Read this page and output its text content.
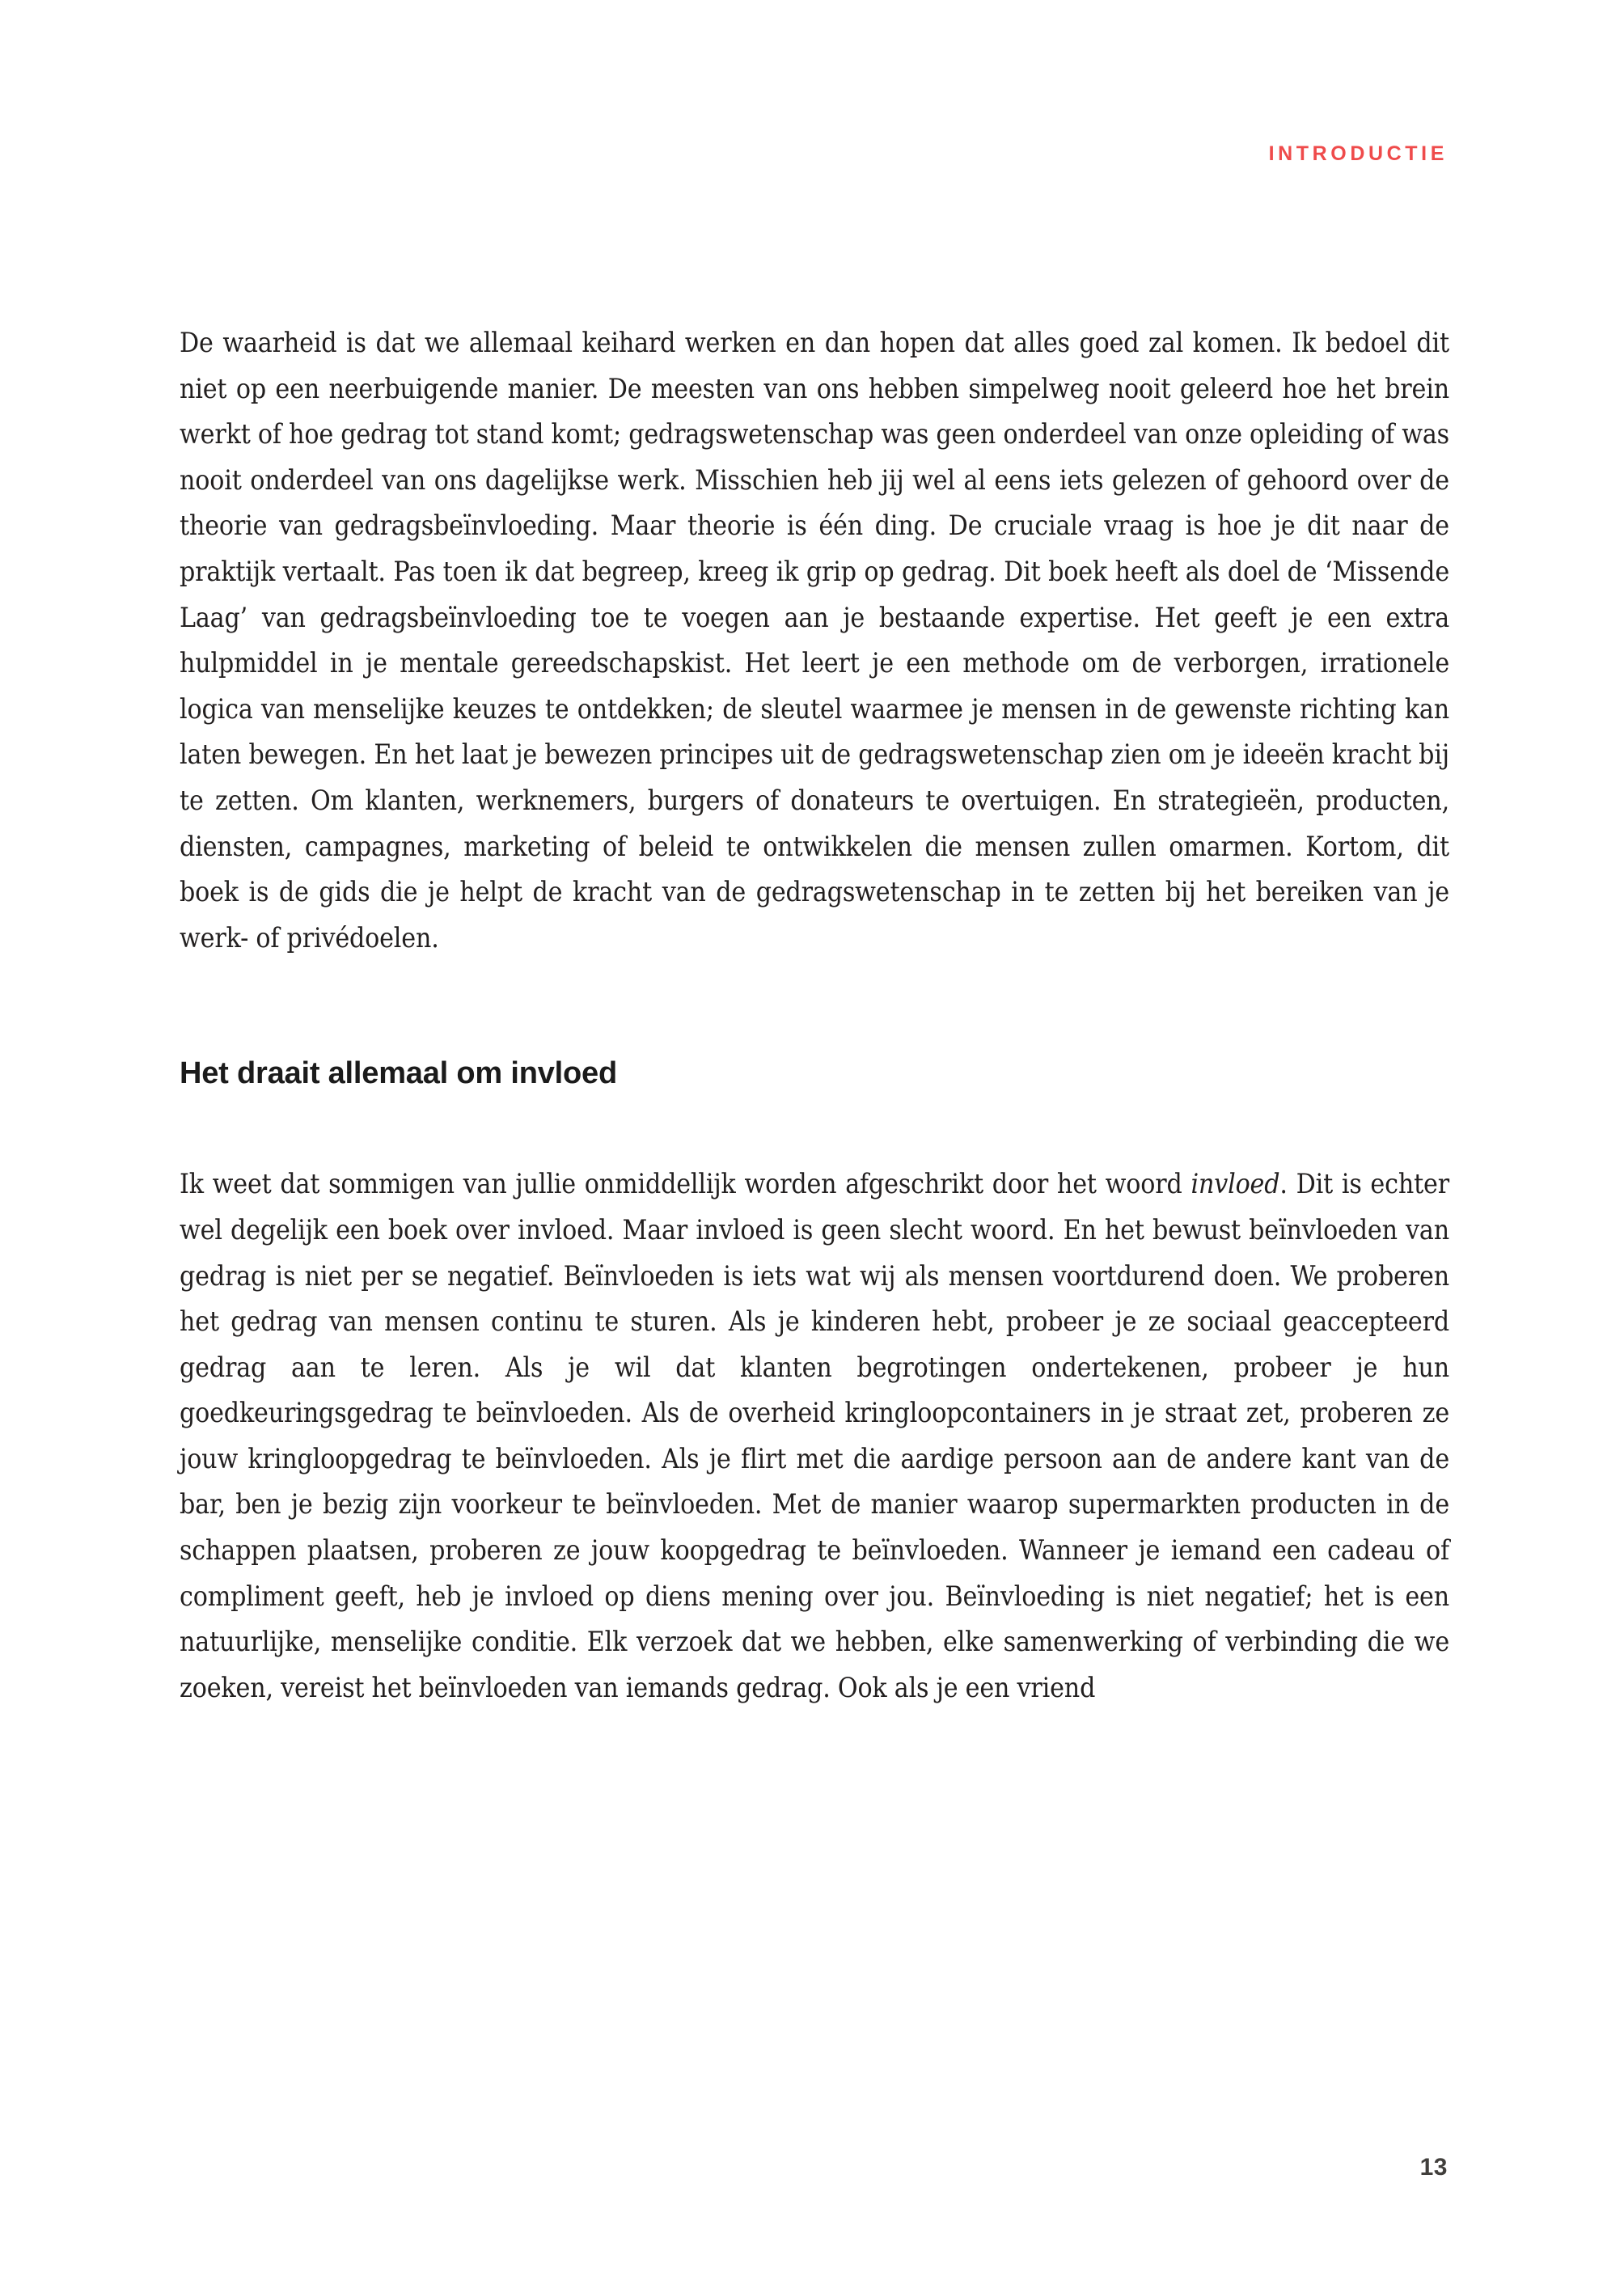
INTRODUCTIE

De waarheid is dat we allemaal keihard werken en dan hopen dat alles goed zal komen. Ik bedoel dit niet op een neerbuigende manier. De meesten van ons hebben simpelweg nooit geleerd hoe het brein werkt of hoe gedrag tot stand komt; gedragswetenschap was geen onderdeel van onze opleiding of was nooit onderdeel van ons dagelijkse werk. Misschien heb jij wel al eens iets gelezen of gehoord over de theorie van gedragsbeïnvloeding. Maar theorie is één ding. De cruciale vraag is hoe je dit naar de praktijk vertaalt. Pas toen ik dat begreep, kreeg ik grip op gedrag. Dit boek heeft als doel de ‘Missende Laag’ van gedragsbeïnvloeding toe te voegen aan je bestaande expertise. Het geeft je een extra hulpmiddel in je mentale gereedschapskist. Het leert je een methode om de verborgen, irrationele logica van menselijke keuzes te ontdekken; de sleutel waarmee je mensen in de gewenste richting kan laten bewegen. En het laat je bewezen principes uit de gedragswetenschap zien om je ideeën kracht bij te zetten. Om klanten, werknemers, burgers of donateurs te overtuigen. En strategieën, producten, diensten, campagnes, marketing of beleid te ontwikkelen die mensen zullen omarmen. Kortom, dit boek is de gids die je helpt de kracht van de gedragswetenschap in te zetten bij het bereiken van je werk- of privédoelen.

Het draait allemaal om invloed

Ik weet dat sommigen van jullie onmiddellijk worden afgeschrikt door het woord invloed. Dit is echter wel degelijk een boek over invloed. Maar invloed is geen slecht woord. En het bewust beïnvloeden van gedrag is niet per se negatief. Beïnvloeden is iets wat wij als mensen voortdurend doen. We proberen het gedrag van mensen continu te sturen. Als je kinderen hebt, probeer je ze sociaal geaccepteerd gedrag aan te leren. Als je wil dat klanten begrotingen ondertekenen, probeer je hun goedkeuringsgedrag te beïnvloeden. Als de overheid kringloopcontainers in je straat zet, proberen ze jouw kringloopgedrag te beïnvloeden. Als je flirt met die aardige persoon aan de andere kant van de bar, ben je bezig zijn voorkeur te beïnvloeden. Met de manier waarop supermarkten producten in de schappen plaatsen, proberen ze jouw koopgedrag te beïnvloeden. Wanneer je iemand een cadeau of compliment geeft, heb je invloed op diens mening over jou. Beïnvloeding is niet negatief; het is een natuurlijke, menselijke conditie. Elk verzoek dat we hebben, elke samenwerking of verbinding die we zoeken, vereist het beïnvloeden van iemands gedrag. Ook als je een vriend

13
